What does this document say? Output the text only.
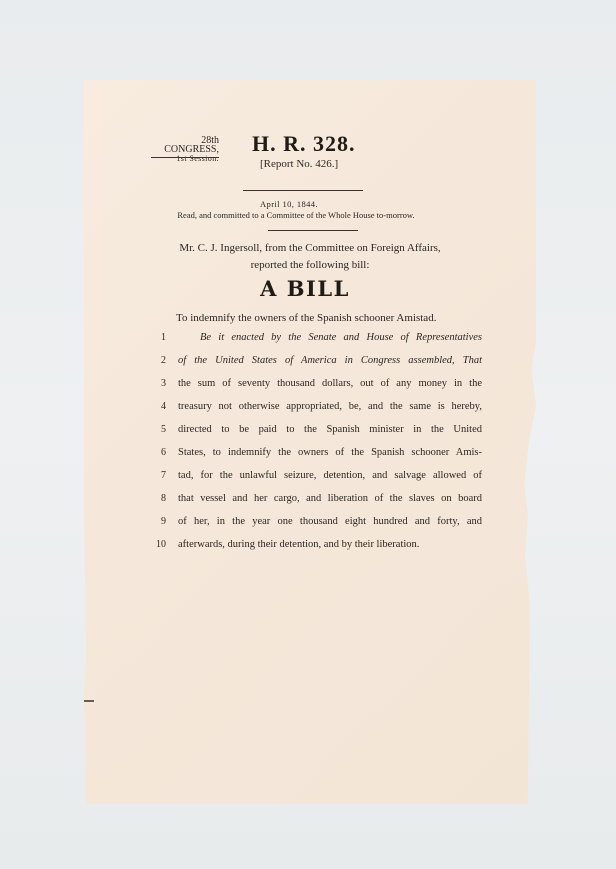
28th CONGRESS,
1st Session.
H. R. 328.
[Report No. 426.]
April 10, 1844.
Read, and committed to a Committee of the Whole House to-morrow.
Mr. C. J. Ingersoll, from the Committee on Foreign Affairs,
reported the following bill:
A BILL
To indemnify the owners of the Spanish schooner Amistad.
1	Be it enacted by the Senate and House of Representatives
2 of the United States of America in Congress assembled, That
3 the sum of seventy thousand dollars, out of any money in the
4 treasury not otherwise appropriated, be, and the same is hereby,
5 directed to be paid to the Spanish minister in the United
6 States, to indemnify the owners of the Spanish schooner Amis-
7 tad, for the unlawful seizure, detention, and salvage allowed of
8 that vessel and her cargo, and liberation of the slaves on board
9 of her, in the year one thousand eight hundred and forty, and
10 afterwards, during their detention, and by their liberation.
